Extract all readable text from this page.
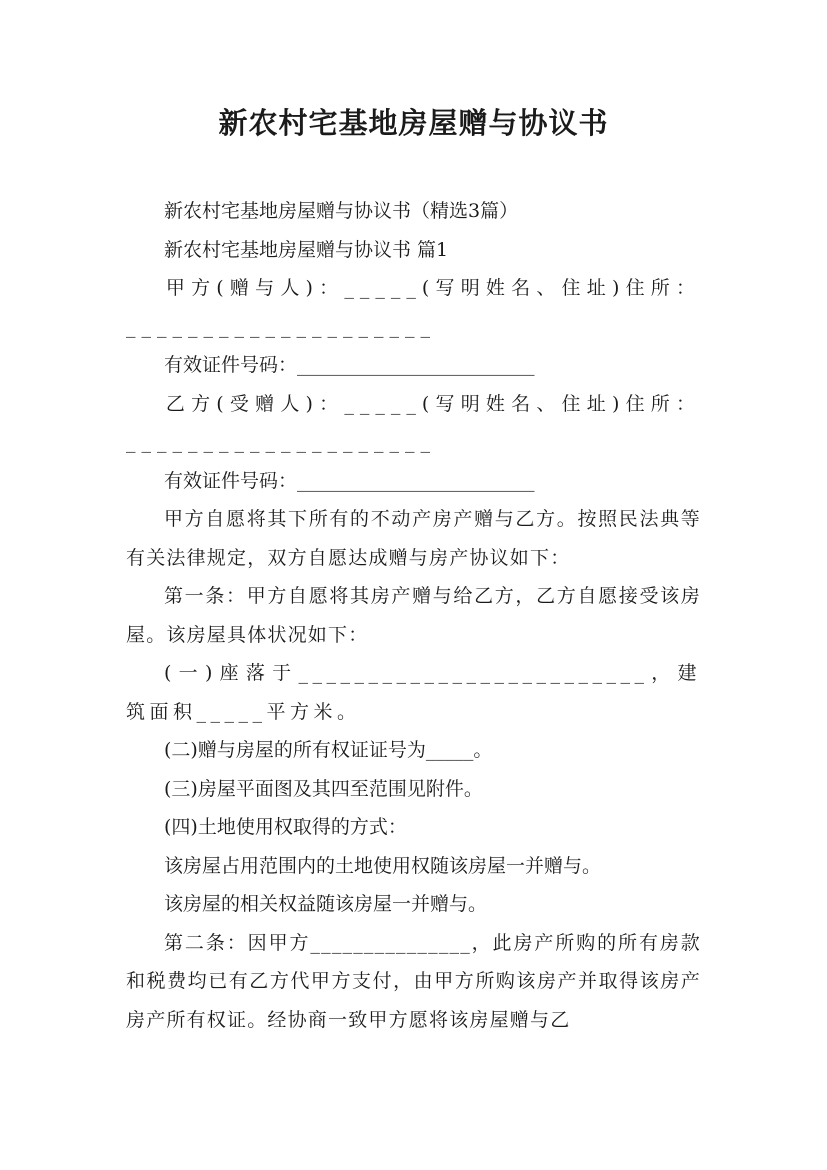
新农村宅基地房屋赠与协议书

新农村宅基地房屋赠与协议书（精选3篇）

新农村宅基地房屋赠与协议书 篇1

甲方(赠与人)：_____(写明姓名、住址)住所：____________________

有效证件号码：_________________________

乙方(受赠人)：_____(写明姓名、住址)住所：____________________

有效证件号码：_________________________

甲方自愿将其下所有的不动产房产赠与乙方。按照民法典等有关法律规定，双方自愿达成赠与房产协议如下：

第一条：甲方自愿将其房产赠与给乙方，乙方自愿接受该房屋。该房屋具体状况如下：

(一)座落于_________________________，建筑面积_____平方米。

(二)赠与房屋的所有权证证号为_____。

(三)房屋平面图及其四至范围见附件。

(四)土地使用权取得的方式：

该房屋占用范围内的土地使用权随该房屋一并赠与。

该房屋的相关权益随该房屋一并赠与。

第二条：因甲方_______________，此房产所购的所有房款和税费均已有乙方代甲方支付，由甲方所购该房产并取得该房产房产所有权证。经协商一致甲方愿将该房屋赠与乙
